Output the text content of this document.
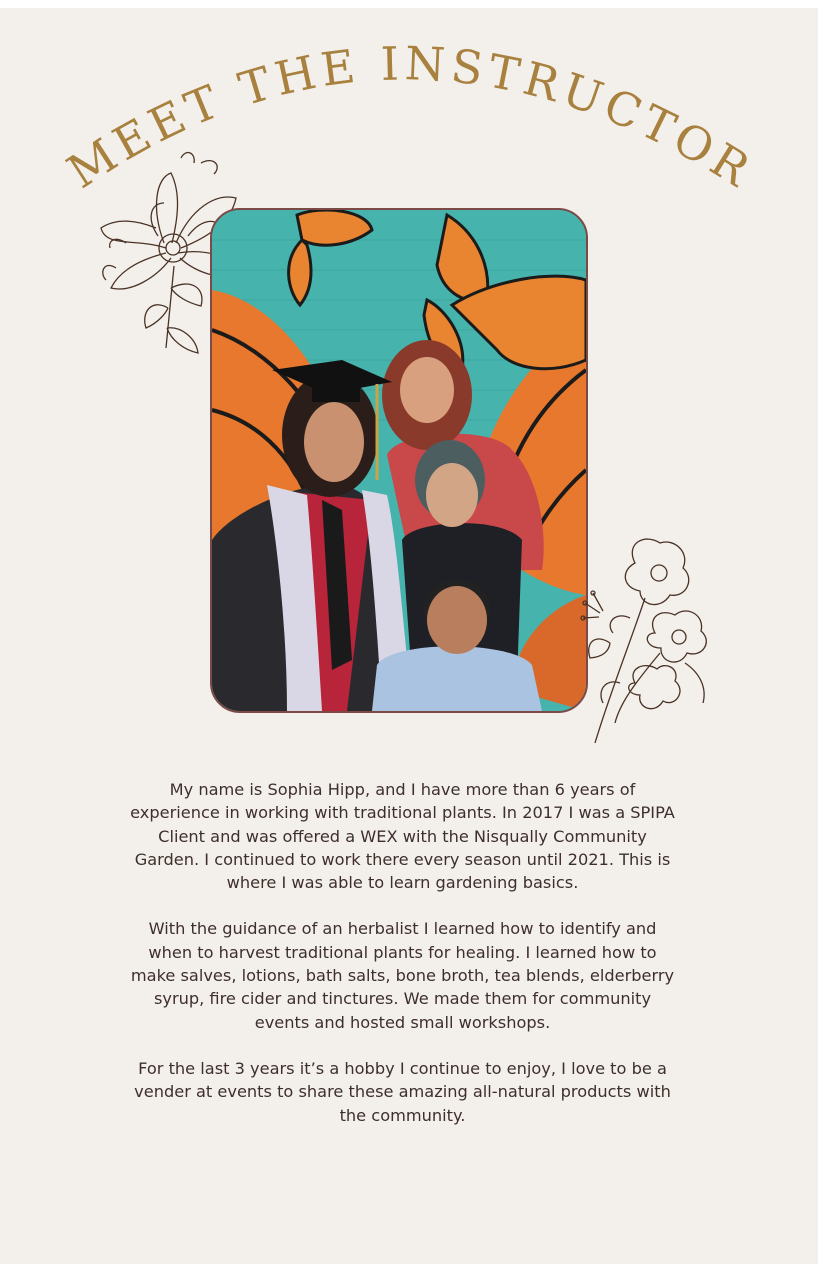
MEET THE INSTRUCTOR

My name is Sophia Hipp, and I have more than 6 years of experience in working with traditional plants. In 2017 I was a SPIPA Client and was offered a WEX with the Nisqually Community Garden. I continued to work there every season until 2021. This is where I was able to learn gardening basics.

With the guidance of an herbalist I learned how to identify and when to harvest traditional plants for healing. I learned how to make salves, lotions, bath salts, bone broth, tea blends, elderberry syrup, fire cider and tinctures. We made them for community events and hosted small workshops.

For the last 3 years it’s a hobby I continue to enjoy, I love to be a vender at events to share these amazing all-natural products with the community.
